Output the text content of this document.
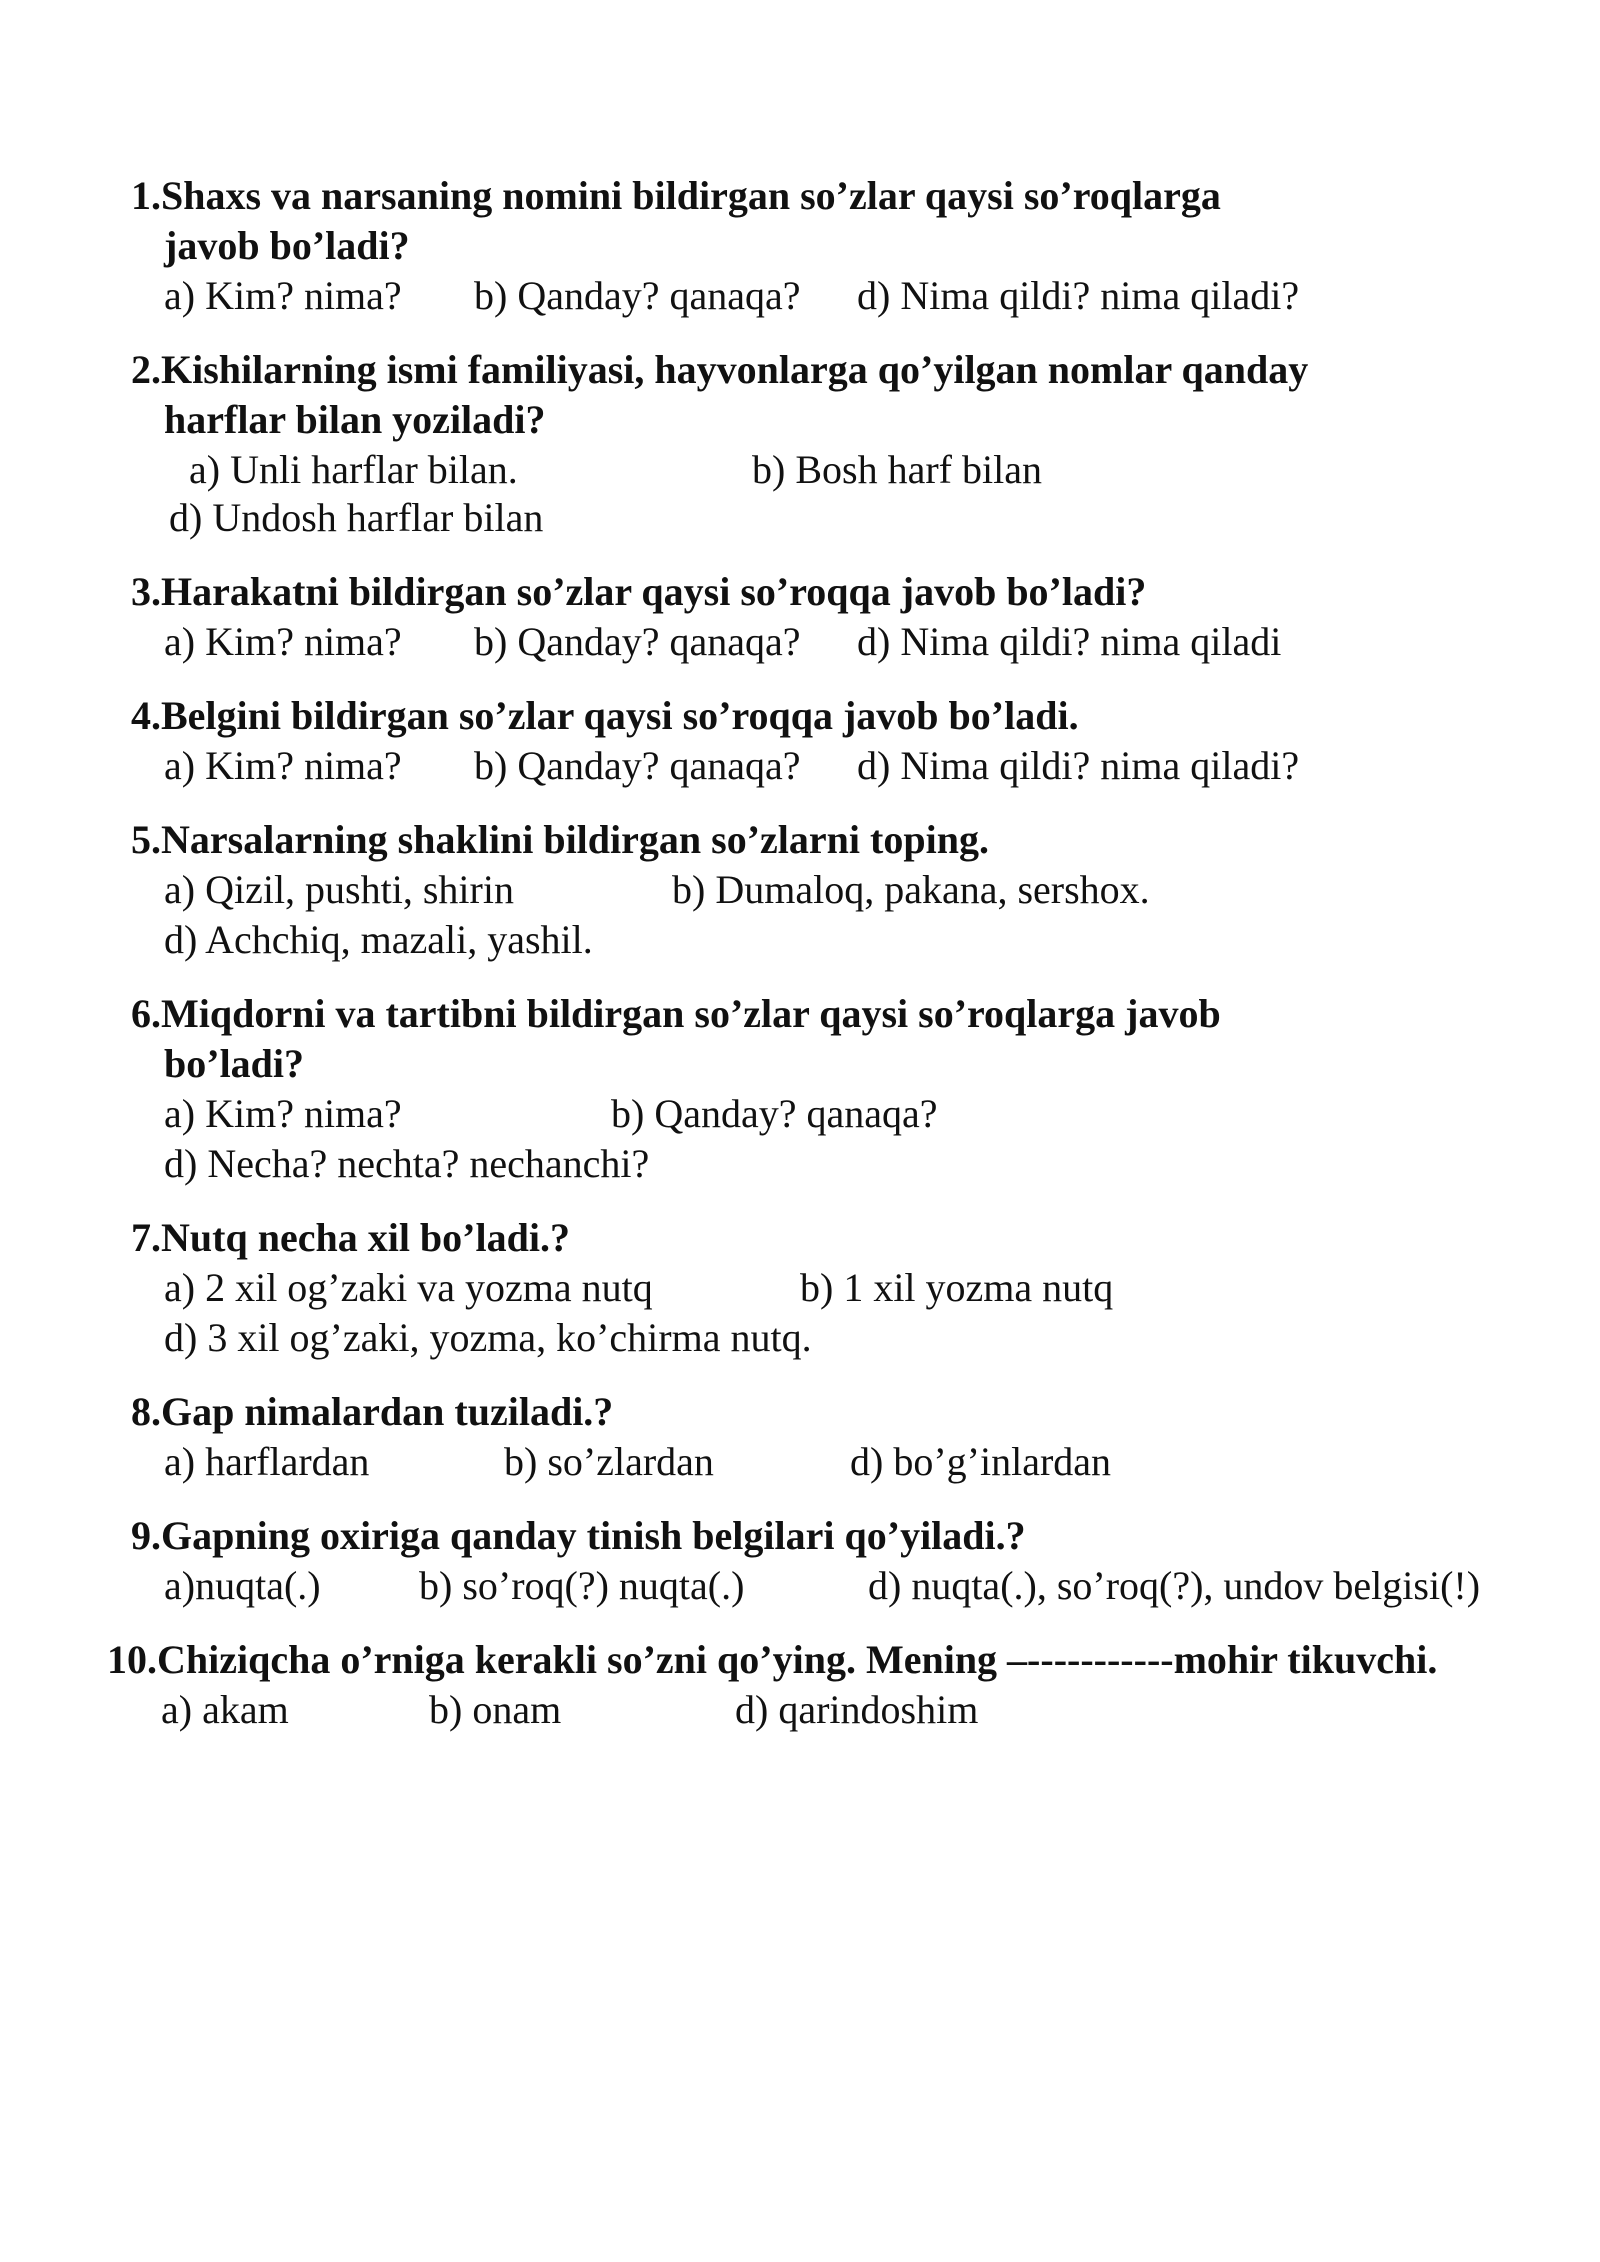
1.Shaxs va narsaning nomini bildirgan so’zlar qaysi so’roqlarga
javob bo’ladi?
a) Kim? nima? b) Qanday? qanaqa? d) Nima qildi? nima qiladi?
2.Kishilarning ismi familiyasi, hayvonlarga qo’yilgan nomlar qanday
harflar bilan yoziladi?
a) Unli harflar bilan.	b) Bosh harf bilan
d) Undosh harflar bilan
3.Harakatni bildirgan so’zlar qaysi so’roqqa javob bo’ladi?
a) Kim? nima? b) Qanday? qanaqa? d) Nima qildi? nima qiladi
4.Belgini bildirgan so’zlar qaysi so’roqqa javob bo’ladi.
a) Kim? nima? b) Qanday? qanaqa? d) Nima qildi? nima qiladi?
5.Narsalarning shaklini bildirgan so’zlarni toping.
a) Qizil, pushti, shirin	b) Dumaloq, pakana, sershox.
d) Achchiq, mazali, yashil.
6.Miqdorni va tartibni bildirgan so’zlar qaysi so’roqlarga javob
bo’ladi?
a) Kim? nima?	b) Qanday? qanaqa?
d) Necha? nechta? nechanchi?
7.Nutq necha xil bo’ladi.?
a) 2 xil og’zaki va yozma nutq	b) 1 xil yozma nutq
d) 3 xil og’zaki, yozma, ko’chirma nutq.
8.Gap nimalardan tuziladi.?
a) harflardan	b) so’zlardan	d) bo’g’inlardan
9.Gapning oxiriga qanday tinish belgilari qo’yiladi.?
a)nuqta(.) b) so’roq(?) nuqta(.)	d) nuqta(.), so’roq(?), undov belgisi(!)
10.Chiziqcha o’rniga kerakli so’zni qo’ying. Mening –-----------mohir tikuvchi.
a) akam	b) onam	d) qarindoshim
